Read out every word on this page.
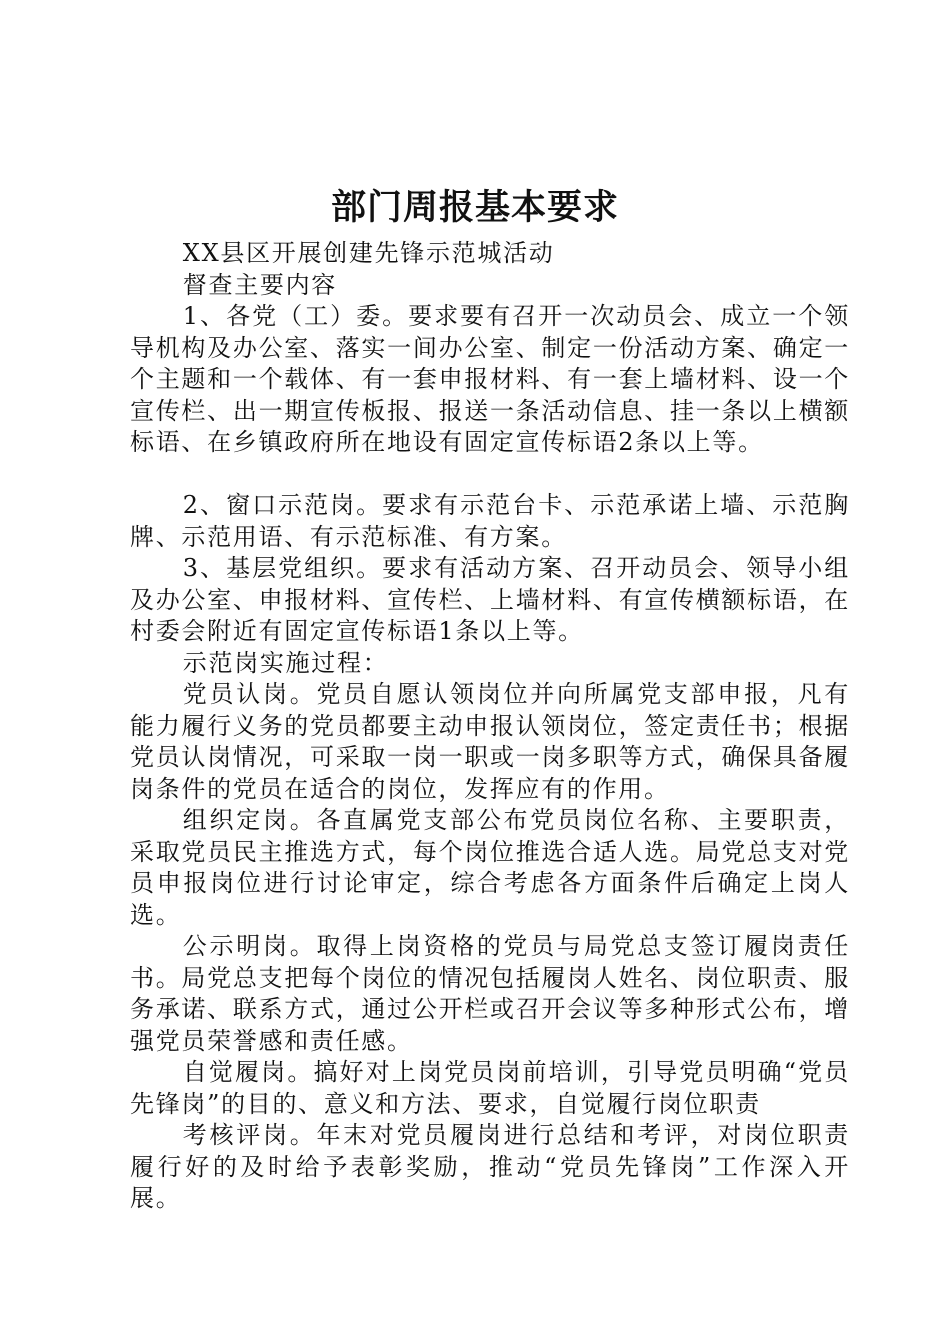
部门周报基本要求

XX县区开展创建先锋示范城活动

督查主要内容

1、各党（工）委。要求要有召开一次动员会、成立一个领导机构及办公室、落实一间办公室、制定一份活动方案、确定一个主题和一个载体、有一套申报材料、有一套上墙材料、设一个宣传栏、出一期宣传板报、报送一条活动信息、挂一条以上横额标语、在乡镇政府所在地设有固定宣传标语2条以上等。

2、窗口示范岗。要求有示范台卡、示范承诺上墙、示范胸牌、示范用语、有示范标准、有方案。

3、基层党组织。要求有活动方案、召开动员会、领导小组及办公室、申报材料、宣传栏、上墙材料、有宣传横额标语，在村委会附近有固定宣传标语1条以上等。

示范岗实施过程：

党员认岗。党员自愿认领岗位并向所属党支部申报，凡有能力履行义务的党员都要主动申报认领岗位，签定责任书；根据党员认岗情况，可采取一岗一职或一岗多职等方式，确保具备履岗条件的党员在适合的岗位，发挥应有的作用。

组织定岗。各直属党支部公布党员岗位名称、主要职责，采取党员民主推选方式，每个岗位推选合适人选。局党总支对党员申报岗位进行讨论审定，综合考虑各方面条件后确定上岗人选。

公示明岗。取得上岗资格的党员与局党总支签订履岗责任书。局党总支把每个岗位的情况包括履岗人姓名、岗位职责、服务承诺、联系方式，通过公开栏或召开会议等多种形式公布，增强党员荣誉感和责任感。

自觉履岗。搞好对上岗党员岗前培训，引导党员明确“党员先锋岗”的目的、意义和方法、要求，自觉履行岗位职责

考核评岗。年末对党员履岗进行总结和考评，对岗位职责履行好的及时给予表彰奖励，推动“党员先锋岗”工作深入开展。
